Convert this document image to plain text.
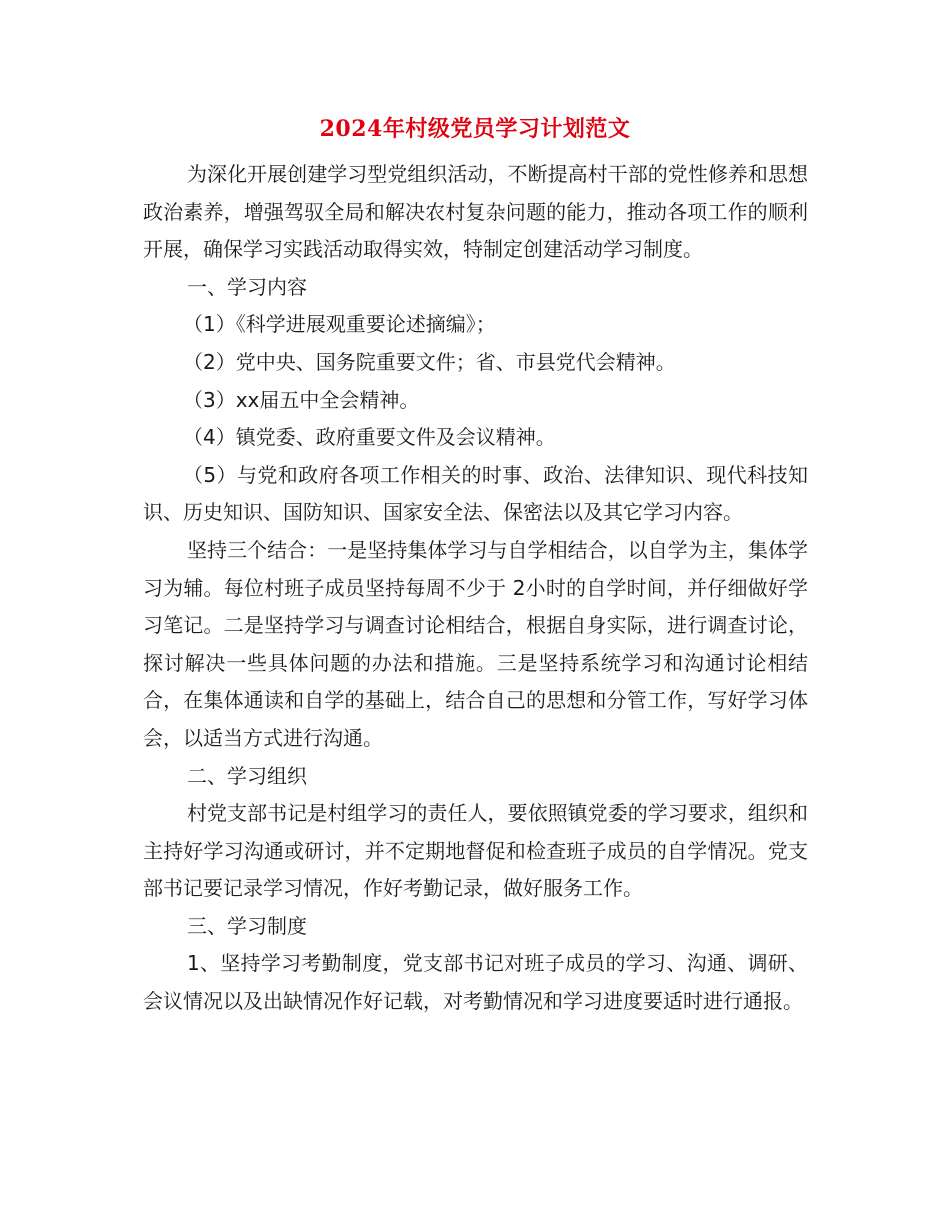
2024年村级党员学习计划范文

为深化开展创建学习型党组织活动，不断提高村干部的党性修养和思想政治素养，增强驾驭全局和解决农村复杂问题的能力，推动各项工作的顺利开展，确保学习实践活动取得实效，特制定创建活动学习制度。

一、学习内容

（1）《科学进展观重要论述摘编》；

（2）党中央、国务院重要文件；省、市县党代会精神。

（3）xx届五中全会精神。

（4）镇党委、政府重要文件及会议精神。

（5）与党和政府各项工作相关的时事、政治、法律知识、现代科技知识、历史知识、国防知识、国家安全法、保密法以及其它学习内容。

坚持三个结合：一是坚持集体学习与自学相结合，以自学为主，集体学习为辅。每位村班子成员坚持每周不少于 2小时的自学时间，并仔细做好学习笔记。二是坚持学习与调查讨论相结合，根据自身实际，进行调查讨论，探讨解决一些具体问题的办法和措施。三是坚持系统学习和沟通讨论相结合，在集体通读和自学的基础上，结合自己的思想和分管工作，写好学习体会，以适当方式进行沟通。

二、学习组织

村党支部书记是村组学习的责任人，要依照镇党委的学习要求，组织和主持好学习沟通或研讨，并不定期地督促和检查班子成员的自学情况。党支部书记要记录学习情况，作好考勤记录，做好服务工作。

三、学习制度

1、坚持学习考勤制度，党支部书记对班子成员的学习、沟通、调研、会议情况以及出缺情况作好记载，对考勤情况和学习进度要适时进行通报。
